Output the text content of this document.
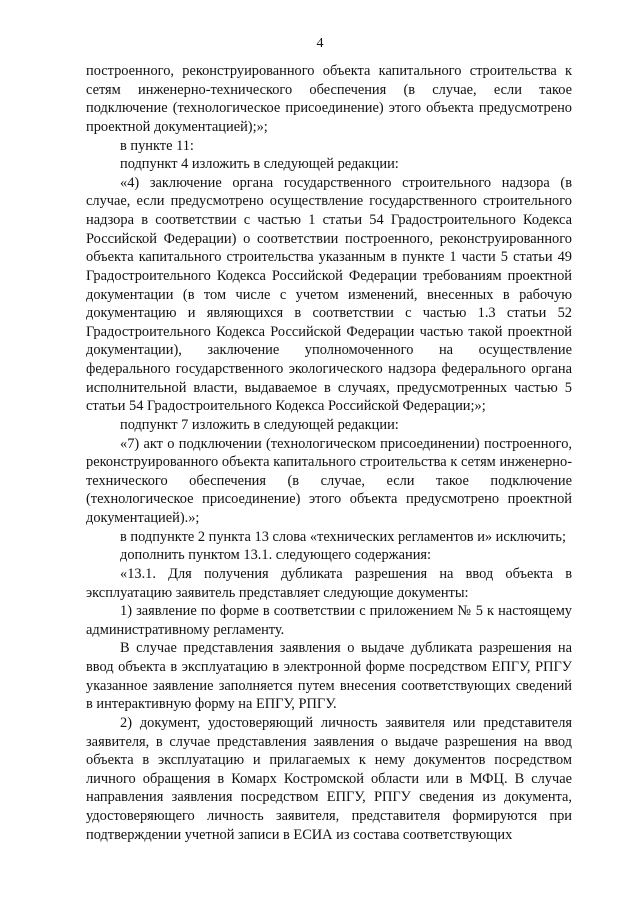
4

построенного, реконструированного объекта капитального строительства к сетям инженерно-технического обеспечения (в случае, если такое подключение (технологическое присоединение) этого объекта предусмотрено проектной документацией);»;

в пункте 11:

подпункт 4 изложить в следующей редакции:

«4) заключение органа государственного строительного надзора (в случае, если предусмотрено осуществление государственного строительного надзора в соответствии с частью 1 статьи 54 Градостроительного Кодекса Российской Федерации) о соответствии построенного, реконструированного объекта капитального строительства указанным в пункте 1 части 5 статьи 49 Градостроительного Кодекса Российской Федерации требованиям проектной документации (в том числе с учетом изменений, внесенных в рабочую документацию и являющихся в соответствии с частью 1.3 статьи 52 Градостроительного Кодекса Российской Федерации частью такой проектной документации), заключение уполномоченного на осуществление федерального государственного экологического надзора федерального органа исполнительной власти, выдаваемое в случаях, предусмотренных частью 5 статьи 54 Градостроительного Кодекса Российской Федерации;»;

подпункт 7 изложить в следующей редакции:

«7) акт о подключении (технологическом присоединении) построенного, реконструированного объекта капитального строительства к сетям инженерно-технического обеспечения (в случае, если такое подключение (технологическое присоединение) этого объекта предусмотрено проектной документацией).»;

в подпункте 2 пункта 13 слова «технических регламентов и» исключить;

дополнить пунктом 13.1. следующего содержания:

«13.1. Для получения дубликата разрешения на ввод объекта в эксплуатацию заявитель представляет следующие документы:

1) заявление по форме в соответствии с приложением № 5 к настоящему административному регламенту.

В случае представления заявления о выдаче дубликата разрешения на ввод объекта в эксплуатацию в электронной форме посредством ЕПГУ, РПГУ указанное заявление заполняется путем внесения соответствующих сведений в интерактивную форму на ЕПГУ, РПГУ.

2) документ, удостоверяющий личность заявителя или представителя заявителя, в случае представления заявления о выдаче разрешения на ввод объекта в эксплуатацию и прилагаемых к нему документов посредством личного обращения в Комарх Костромской области или в МФЦ. В случае направления заявления посредством ЕПГУ, РПГУ сведения из документа, удостоверяющего личность заявителя, представителя формируются при подтверждении учетной записи в ЕСИА из состава соответствующих
